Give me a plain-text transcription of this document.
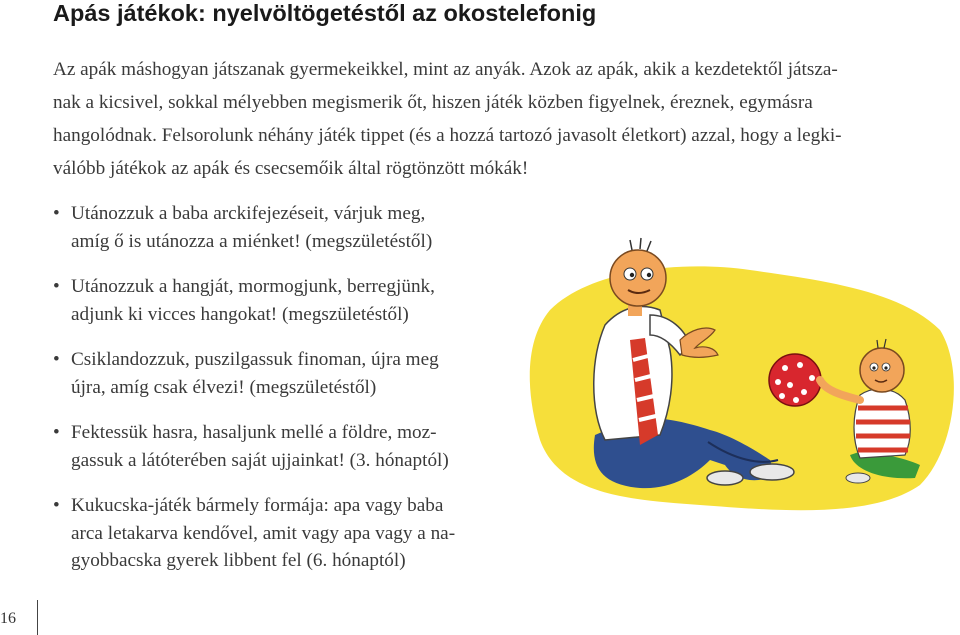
Apás játékok: nyelvöltögetéstől az okostelefonig
Az apák máshogyan játszanak gyermekeikkel, mint az anyák. Azok az apák, akik a kezdetektől játsza-
nak a kicsivel, sokkal mélyebben megismerik őt, hiszen játék közben figyelnek, éreznek, egymásra
hangolódnak. Felsorolunk néhány játék tippet (és a hozzá tartozó javasolt életkort) azzal, hogy a legki-
válóbb játékok az apák és csecsemőik által rögtönzött mókák!
• Utánozzuk a baba arckifejezéseit, várjuk meg,
amíg ő is utánozza a miénket! (megszületéstől)
• Utánozzuk a hangját, mormogjunk, berregjünk,
adjunk ki vicces hangokat! (megszületéstől)
• Csiklandozzuk, puszilgassuk finoman, újra meg
újra, amíg csak élvezi! (megszületéstől)
• Fektessük hasra, hasaljunk mellé a földre, moz-
gassuk a látóterében saját ujjainkat! (3. hónaptól)
• Kukucska-játék bármely formája: apa vagy baba
arca letakarva kendővel, amit vagy apa vagy a na-
gyobbacska gyerek libbent fel (6. hónaptól)
16
